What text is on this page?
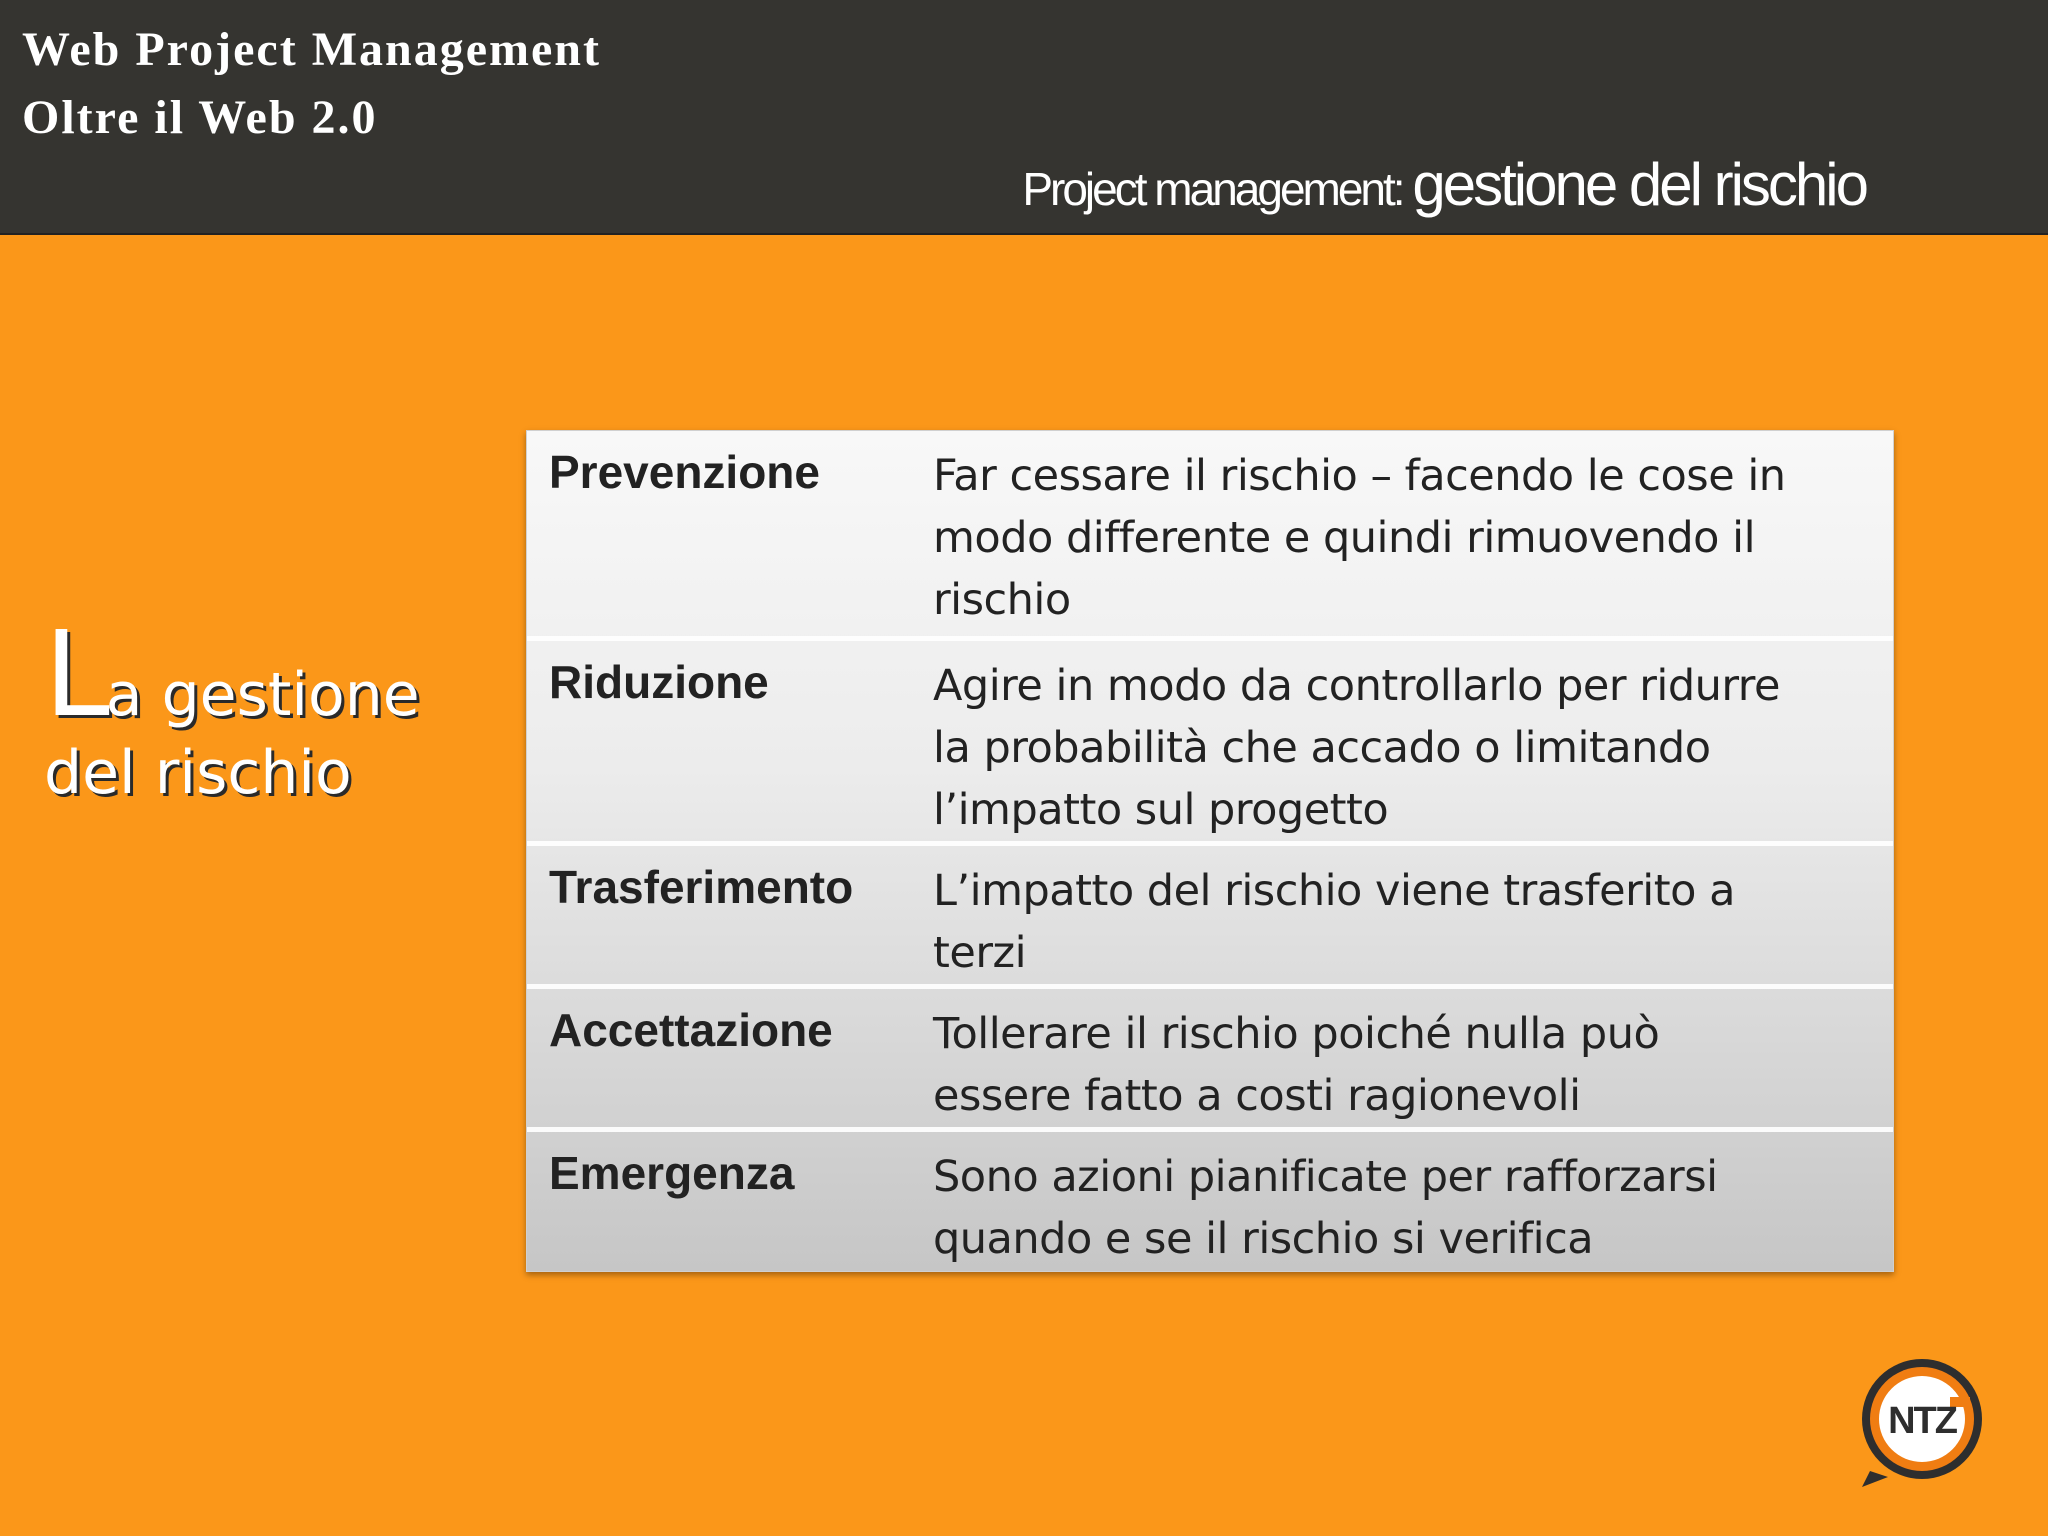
Web Project Management
Oltre il Web 2.0
Project management: gestione del rischio
La gestione
del rischio
Prevenzione	Far cessare il rischio – facendo le cose in
modo differente e quindi rimuovendo il
rischio
Riduzione	Agire in modo da controllarlo per ridurre
la probabilità che accado o limitando
l’impatto sul progetto
Trasferimento L’impatto del rischio viene trasferito a
terzi
Accettazione Tollerare il rischio poiché nulla può
essere fatto a costi ragionevoli
Emergenza	Sono azioni pianificate per rafforzarsi
quando e se il rischio si verifica
NTZ
